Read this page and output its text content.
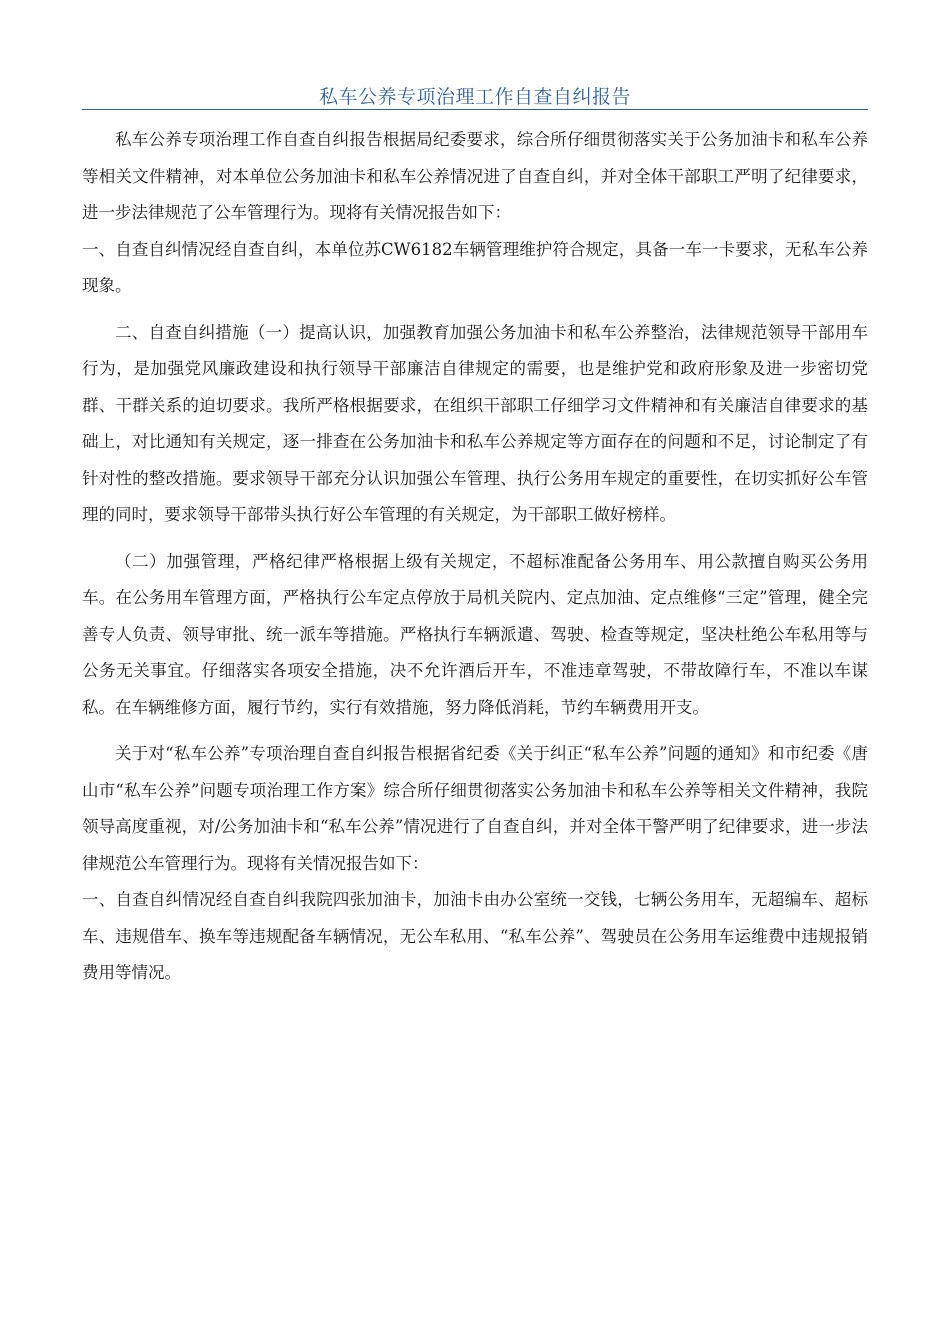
私车公养专项治理工作自查自纠报告

私车公养专项治理工作自查自纠报告根据局纪委要求，综合所仔细贯彻落实关于公务加油卡和私车公养等相关文件精神，对本单位公务加油卡和私车公养情况进了自查自纠，并对全体干部职工严明了纪律要求，进一步法律规范了公车管理行为。现将有关情况报告如下：

一、自查自纠情况经自查自纠，本单位苏CW6182车辆管理维护符合规定，具备一车一卡要求，无私车公养现象。

二、自查自纠措施（一）提高认识，加强教育加强公务加油卡和私车公养整治，法律规范领导干部用车行为，是加强党风廉政建设和执行领导干部廉洁自律规定的需要，也是维护党和政府形象及进一步密切党群、干群关系的迫切要求。我所严格根据要求，在组织干部职工仔细学习文件精神和有关廉洁自律要求的基础上，对比通知有关规定，逐一排查在公务加油卡和私车公养规定等方面存在的问题和不足，讨论制定了有针对性的整改措施。要求领导干部充分认识加强公车管理、执行公务用车规定的重要性，在切实抓好公车管理的同时，要求领导干部带头执行好公车管理的有关规定，为干部职工做好榜样。

（二）加强管理，严格纪律严格根据上级有关规定，不超标准配备公务用车、用公款擅自购买公务用车。在公务用车管理方面，严格执行公车定点停放于局机关院内、定点加油、定点维修“三定”管理，健全完善专人负责、领导审批、统一派车等措施。严格执行车辆派遣、驾驶、检查等规定，坚决杜绝公车私用等与公务无关事宜。仔细落实各项安全措施，决不允许酒后开车，不准违章驾驶，不带故障行车，不准以车谋私。在车辆维修方面，履行节约，实行有效措施，努力降低消耗，节约车辆费用开支。

关于对“私车公养”专项治理自查自纠报告根据省纪委《关于纠正“私车公养”问题的通知》和市纪委《唐山市“私车公养”问题专项治理工作方案》综合所仔细贯彻落实公务加油卡和私车公养等相关文件精神，我院领导高度重视，对/公务加油卡和“私车公养”情况进行了自查自纠，并对全体干警严明了纪律要求，进一步法律规范公车管理行为。现将有关情况报告如下：

一、自查自纠情况经自查自纠我院四张加油卡，加油卡由办公室统一交钱，七辆公务用车，无超编车、超标车、违规借车、换车等违规配备车辆情况，无公车私用、“私车公养”、驾驶员在公务用车运维费中违规报销费用等情况。
